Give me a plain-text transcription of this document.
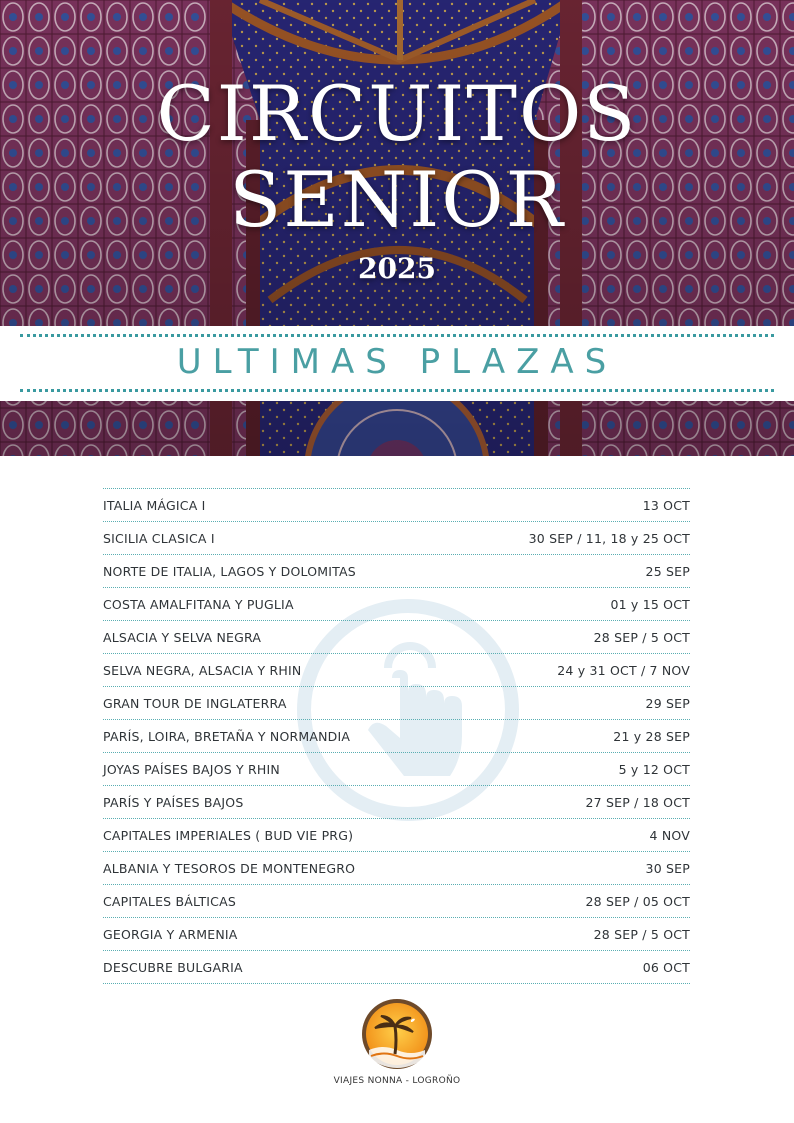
CIRCUITOS
SENIOR
2025
ULTIMAS PLAZAS
ITALIA MÁGICA I	13 OCT
SICILIA CLASICA I	30 SEP / 11, 18 y 25 OCT
NORTE DE ITALIA, LAGOS Y DOLOMITAS	25 SEP
COSTA AMALFITANA Y PUGLIA	01 y 15 OCT
ALSACIA Y SELVA NEGRA	28 SEP / 5 OCT
SELVA NEGRA, ALSACIA Y RHIN	24 y 31 OCT / 7 NOV
GRAN TOUR DE INGLATERRA	29 SEP
PARÍS, LOIRA, BRETAÑA Y NORMANDIA	21 y 28 SEP
JOYAS PAÍSES BAJOS Y RHIN	5 y 12 OCT
PARÍS Y PAÍSES BAJOS	27 SEP / 18 OCT
CAPITALES IMPERIALES ( BUD VIE PRG)	4 NOV
ALBANIA Y TESOROS DE MONTENEGRO	30 SEP
CAPITALES BÁLTICAS	28 SEP / 05 OCT
GEORGIA Y ARMENIA	28 SEP / 5 OCT
DESCUBRE BULGARIA	06 OCT
VIAJES NONNA - LOGROÑO
